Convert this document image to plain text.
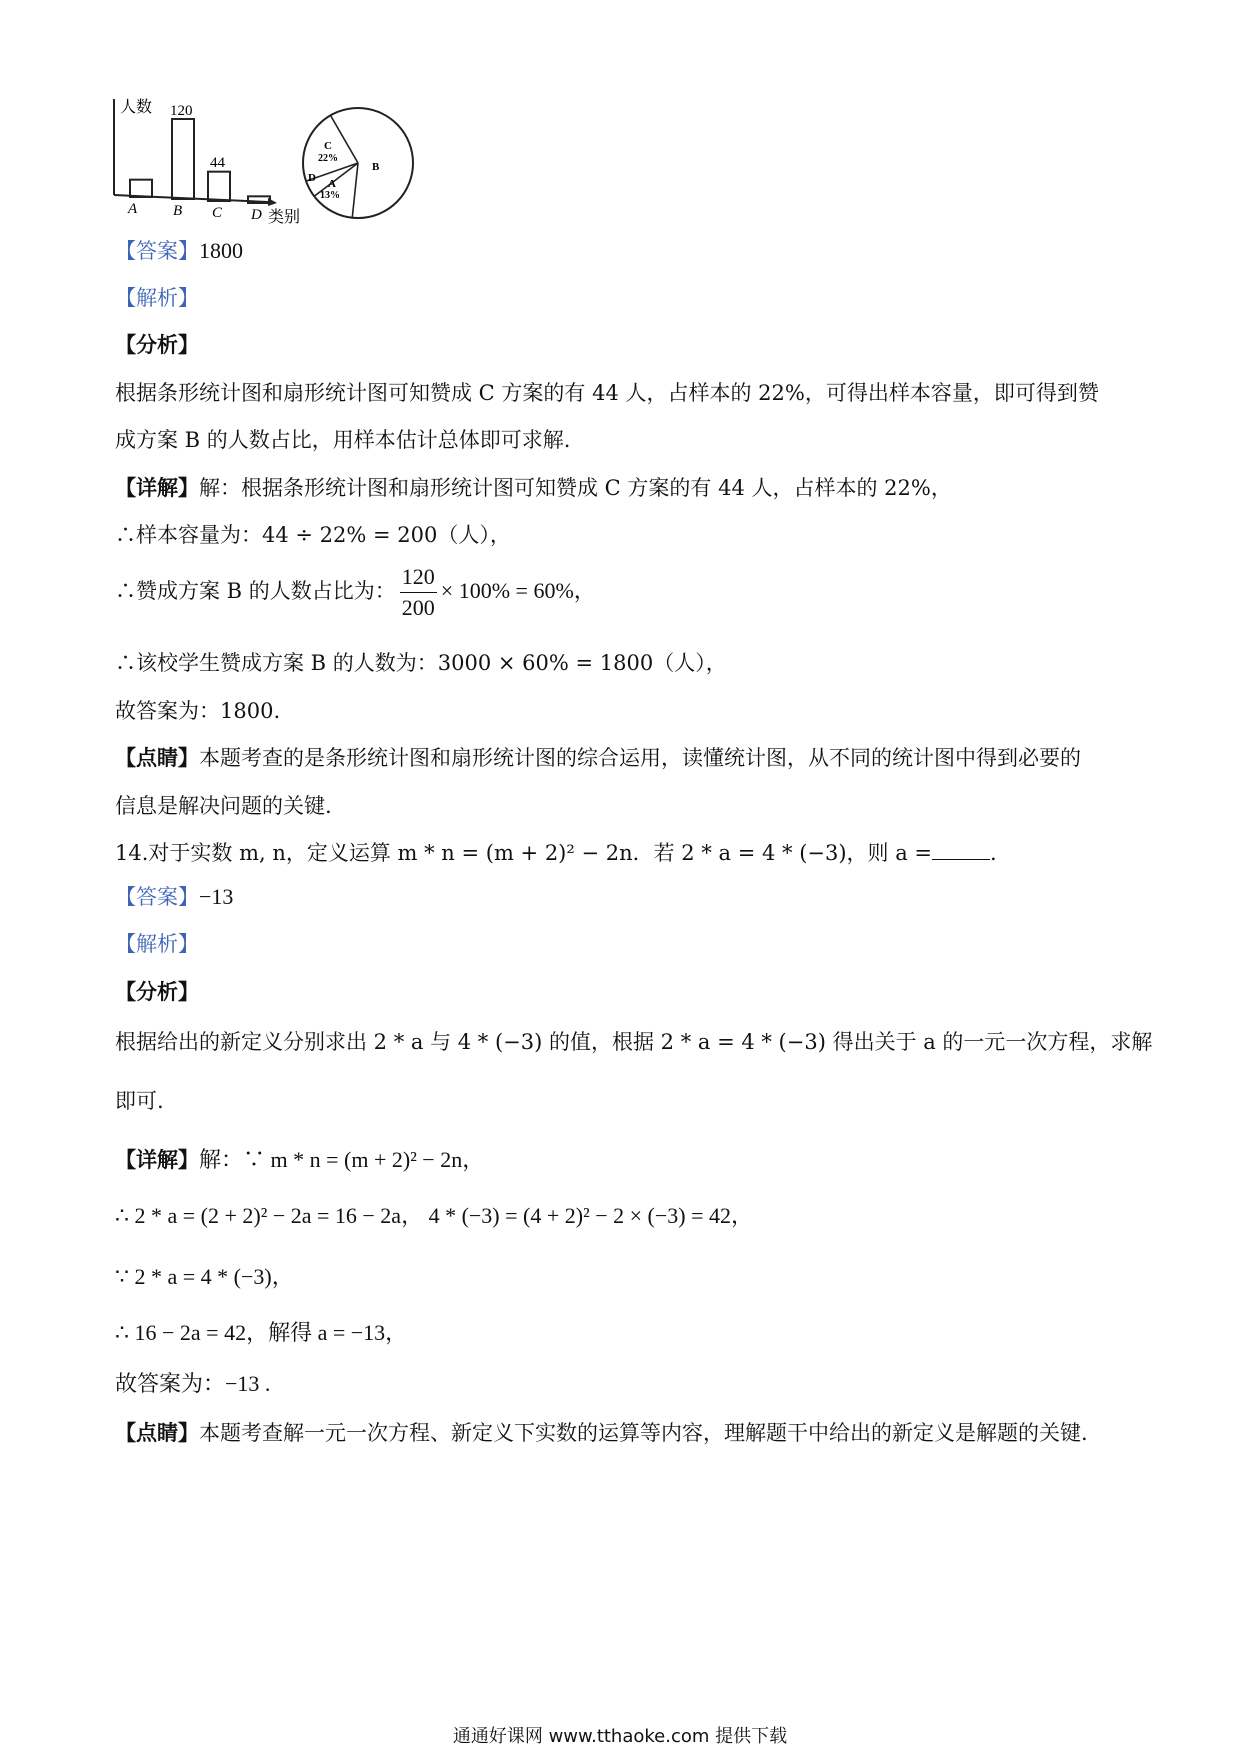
人数
类别
120
44
A B C D
C
22%
B
D A
13%
【答案】1800
【解析】
【分析】
根据条形统计图和扇形统计图可知赞成 C 方案的有 44 人，占样本的 22%，可得出样本容量，即可得到赞
成方案 B 的人数占比，用样本估计总体即可求解.
【详解】解：根据条形统计图和扇形统计图可知赞成 C 方案的有 44 人，占样本的 22%，
∴样本容量为：44 ÷ 22% = 200（人），
∴赞成方案 B 的人数占比为： $\frac{120}{200} \times 100\% = 60\%$，
∴该校学生赞成方案 B 的人数为：3000 × 60% = 1800（人），
故答案为：1800.
【点睛】本题考查的是条形统计图和扇形统计图的综合运用，读懂统计图，从不同的统计图中得到必要的
信息是解决问题的关键.
14.对于实数 m, n，定义运算 m * n = (m + 2)² − 2n．若 2 * a = 4 * (−3)，则 a =	.
【答案】−13
【解析】
【分析】
根据给出的新定义分别求出 2 * a 与 4 * (−3) 的值，根据 2 * a = 4 * (−3) 得出关于 a 的一元一次方程，求解
即可.
【详解】解：∵ m * n = (m + 2)² − 2n，
∴ 2 * a = (2 + 2)² − 2a = 16 − 2a， 4 * (−3) = (4 + 2)² − 2 × (−3) = 42，
∵ 2 * a = 4 * (−3)，
∴ 16 − 2a = 42，解得 a = −13，
故答案为：−13 .
【点睛】本题考查解一元一次方程、新定义下实数的运算等内容，理解题干中给出的新定义是解题的关键.
通通好课网 www.tthaoke.com 提供下载
